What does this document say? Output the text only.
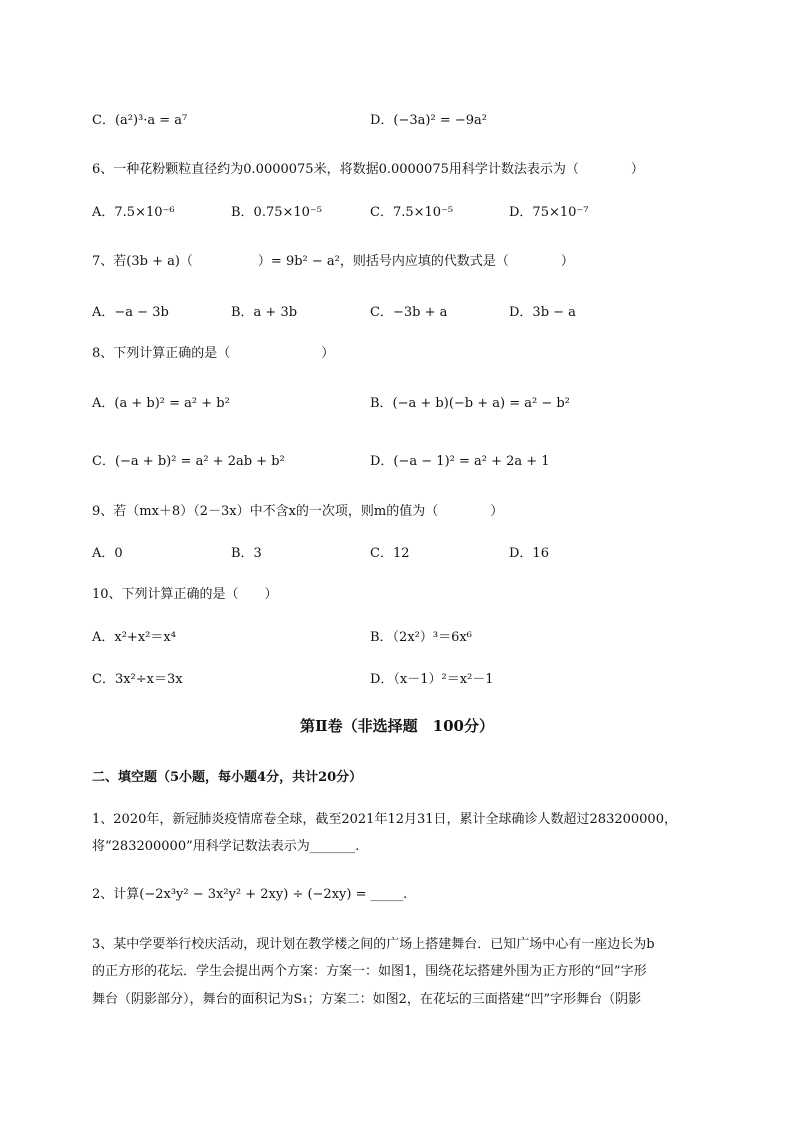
C．(a²)³·a = a⁷	D．(−3a)² = −9a²
6、一种花粉颗粒直径约为0.0000075米，将数据0.0000075用科学计数法表示为（　　　　）
A．7.5×10⁻⁶	B．0.75×10⁻⁵	C．7.5×10⁻⁵	D．75×10⁻⁷
7、若(3b + a)（　　　　　）= 9b² − a²，则括号内应填的代数式是（　　　　）
A．−a − 3b	B．a + 3b	C．−3b + a	D．3b − a
8、下列计算正确的是（　　　　　　　）
A．(a + b)² = a² + b²	B．(−a + b)(−b + a) = a² − b²
C．(−a + b)² = a² + 2ab + b²	D．(−a − 1)² = a² + 2a + 1
9、若（mx＋8）（2－3x）中不含x的一次项，则m的值为（　　　　）
A．0	B．3	C．12	D．16
10、下列计算正确的是（　　）
A．x²+x²＝x⁴	B．（2x²）³＝6x⁶
C．3x²÷x＝3x	D．（x－1）²＝x²－1
第Ⅱ卷（非选择题　100分）
二、填空题（5小题，每小题4分，共计20分）
1、2020年，新冠肺炎疫情席卷全球，截至2021年12月31日，累计全球确诊人数超过283200000，
将“283200000”用科学记数法表示为_______.
2、计算(−2x³y² − 3x²y² + 2xy) ÷ (−2xy) = _____.
3、某中学要举行校庆活动，现计划在教学楼之间的广场上搭建舞台．已知广场中心有一座边长为b
的正方形的花坛．学生会提出两个方案：方案一：如图1，围绕花坛搭建外围为正方形的“回”字形
舞台（阴影部分），舞台的面积记为S₁；方案二：如图2，在花坛的三面搭建“凹”字形舞台（阴影
